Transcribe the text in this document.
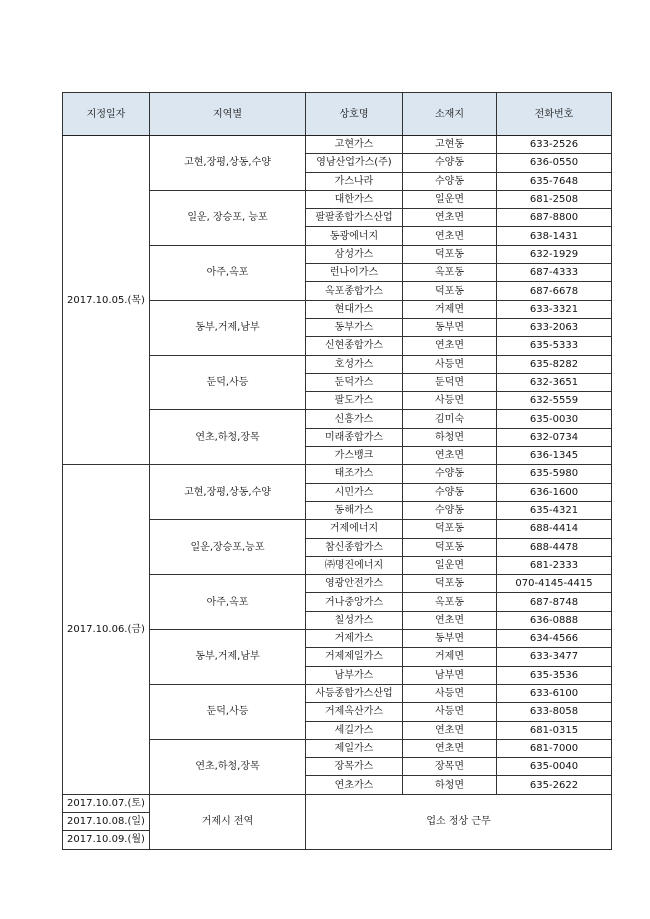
지정일자	지역별	상호명	소재지	전화번호
2017.10.05.(목)	고현,장평,상동,수양	고현가스	고현동	633-2526
		영남산업가스(주)	수양동	636-0550
		가스나라	수양동	635-7648
	일운, 장승포, 능포	대한가스	일운면	681-2508
		팔팔종합가스산업	연초면	687-8800
		동광에너지	연초면	638-1431
	아주,옥포	삼성가스	덕포동	632-1929
		런나이가스	옥포동	687-4333
		옥포종합가스	덕포동	687-6678
	동부,거제,남부	현대가스	거제면	633-3321
		동부가스	동부면	633-2063
		신현종합가스	연초면	635-5333
	둔덕,사등	호성가스	사등면	635-8282
		둔덕가스	둔덕면	632-3651
		팔도가스	사등면	632-5559
	연초,하청,장목	신흥가스	김미숙	635-0030
		미래종합가스	하청면	632-0734
		가스뱅크	연초면	636-1345
2017.10.06.(금)	고현,장평,상동,수양	태조가스	수양동	635-5980
		시민가스	수양동	636-1600
		동해가스	수양동	635-4321
	일운,장승포,능포	거제에너지	덕포동	688-4414
		참신종합가스	덕포동	688-4478
		㈜명진에너지	일운면	681-2333
	아주,옥포	영광안전가스	덕포동	070-4145-4415
		거나중앙가스	옥포동	687-8748
		칠성가스	연초면	636-0888
	동부,거제,남부	거제가스	동부면	634-4566
		거제제일가스	거제면	633-3477
		남부가스	남부면	635-3536
	둔덕,사등	사등종합가스산업	사등면	633-6100
		거제옥산가스	사등면	633-8058
		세길가스	연초면	681-0315
	연초,하청,장목	제일가스	연초면	681-7000
		장목가스	장목면	635-0040
		연초가스	하청면	635-2622
2017.10.07.(토)	거제시 전역	업소 정상 근무		
2017.10.08.(일)				
2017.10.09.(월)				
